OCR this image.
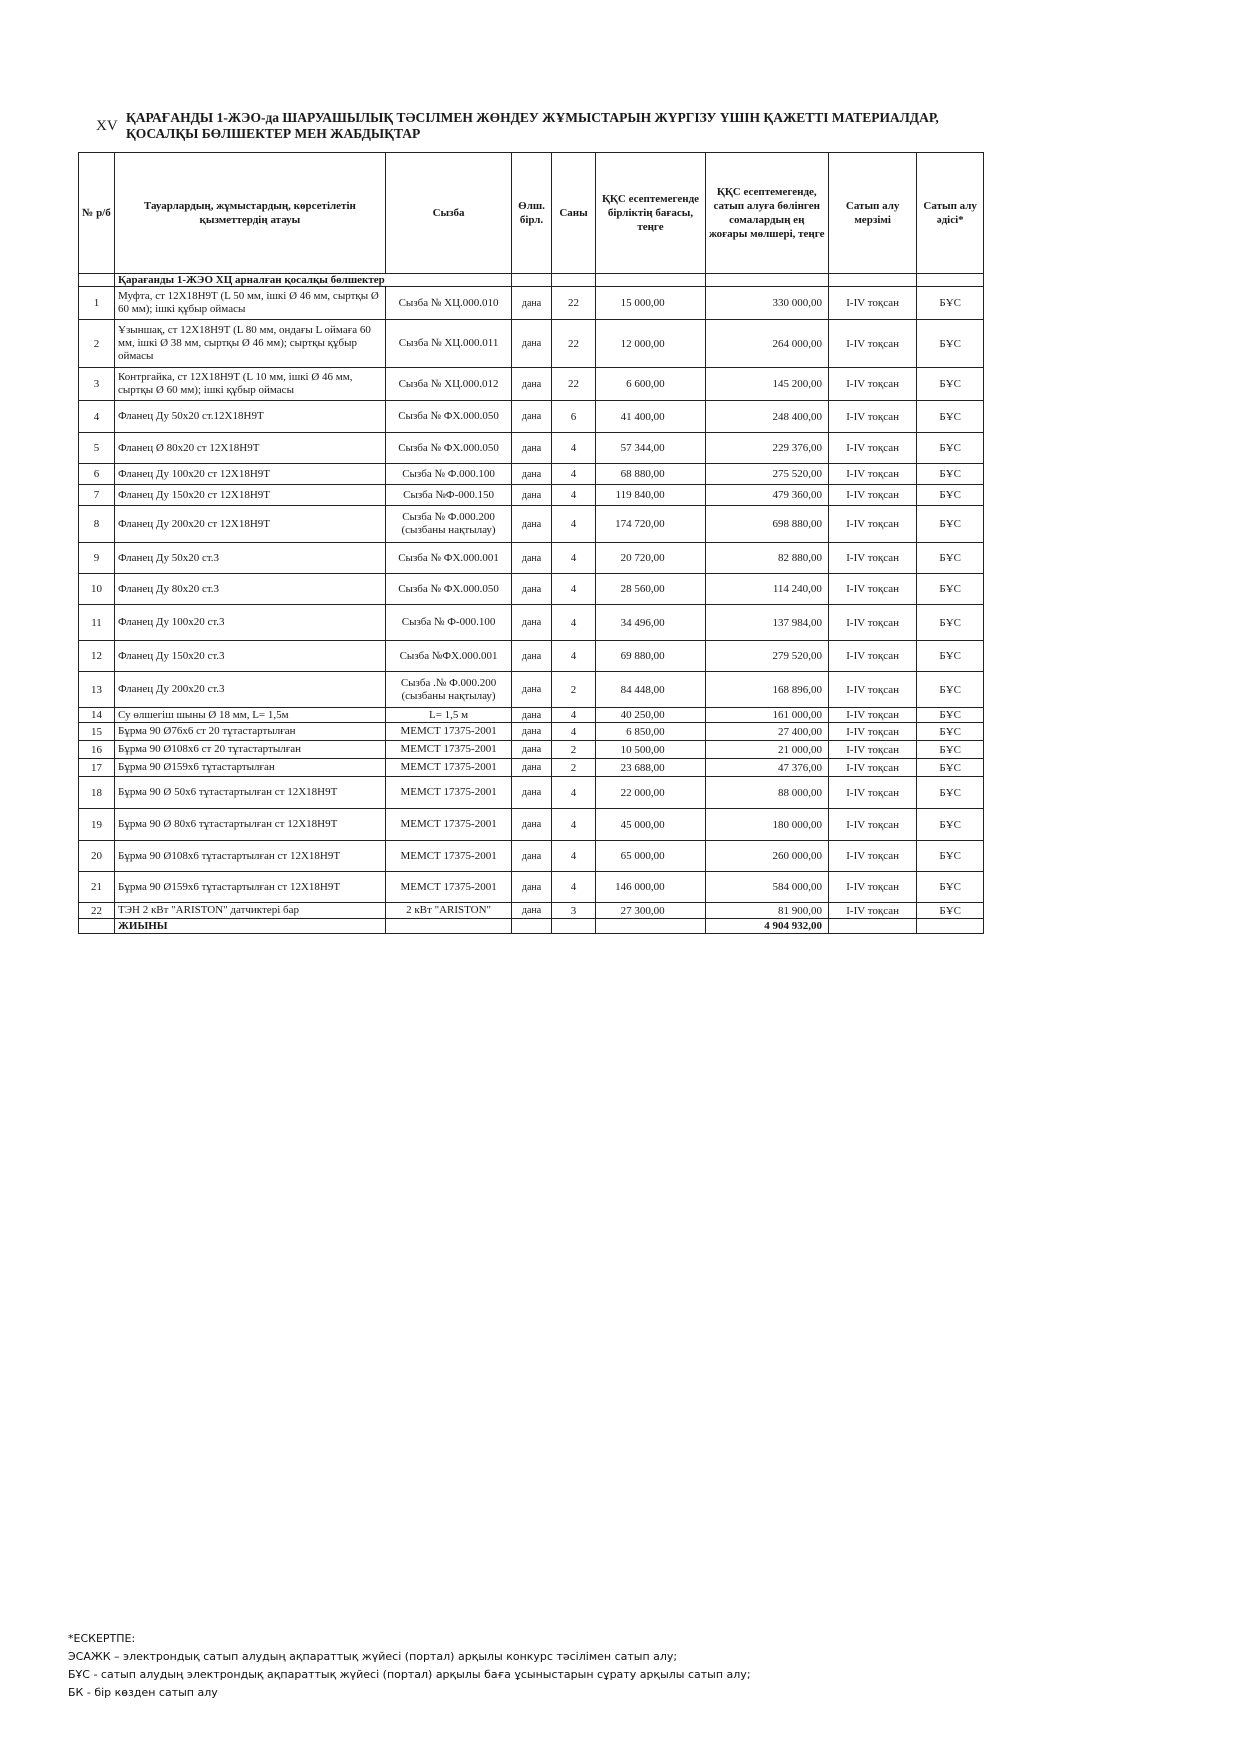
XV
ҚАРАҒАНДЫ 1-ЖЭО-да ШАРУАШЫЛЫҚ ТӘСІЛМЕН ЖӨНДЕУ ЖҰМЫСТАРЫН ЖҮРГІЗУ ҮШІН ҚАЖЕТТІ МАТЕРИАЛДАР, ҚОСАЛҚЫ БӨЛШЕКТЕР МЕН ЖАБДЫҚТАР
№ р/б	Тауарлардың, жұмыстардың, көрсетілетін қызметтердің атауы	Сызба	Өлш. бірл.	Саны	ҚҚС есептемегенде бірліктің бағасы, теңге	ҚҚС есептемегенде, сатып алуға бөлінген сомалардың ең жоғары мөлшері, теңге	Сатып алу мерзімі	Сатып алу әдісі*
	Қарағанды 1-ЖЭО ХЦ арналған қосалқы бөлшектер							
1	Муфта, ст 12Х18Н9Т (L 50 мм, ішкі Ø 46 мм, сыртқы Ø 60 мм); ішкі құбыр оймасы	Сызба № ХЦ.000.010	дана	22	15 000,00	330 000,00	I-IV тоқсан	БҰС
2	Ұзыншақ, ст 12Х18Н9Т (L 80 мм, ондағы L оймаға 60 мм, ішкі Ø 38 мм, сыртқы Ø 46 мм); сыртқы құбыр оймасы	Сызба № ХЦ.000.011	дана	22	12 000,00	264 000,00	I-IV тоқсан	БҰС
3	Контргайка, ст 12Х18Н9Т (L 10 мм, ішкі Ø 46 мм, сыртқы Ø 60 мм); ішкі құбыр оймасы	Сызба № ХЦ.000.012	дана	22	6 600,00	145 200,00	I-IV тоқсан	БҰС
4	Фланец Ду 50х20 ст.12Х18Н9Т	Сызба № ФХ.000.050	дана	6	41 400,00	248 400,00	I-IV тоқсан	БҰС
5	Фланец Ø 80х20 ст 12Х18Н9Т	Сызба № ФХ.000.050	дана	4	57 344,00	229 376,00	I-IV тоқсан	БҰС
6	Фланец Ду 100х20 ст 12Х18Н9Т	Сызба № Ф.000.100	дана	4	68 880,00	275 520,00	I-IV тоқсан	БҰС
7	Фланец Ду 150х20 ст 12Х18Н9Т	Сызба №Ф-000.150	дана	4	119 840,00	479 360,00	I-IV тоқсан	БҰС
8	Фланец Ду 200х20 ст 12Х18Н9Т	Сызба № Ф.000.200 (сызбаны нақтылау)	дана	4	174 720,00	698 880,00	I-IV тоқсан	БҰС
9	Фланец Ду 50х20 ст.3	Сызба № ФХ.000.001	дана	4	20 720,00	82 880,00	I-IV тоқсан	БҰС
10	Фланец Ду 80х20 ст.3	Сызба № ФХ.000.050	дана	4	28 560,00	114 240,00	I-IV тоқсан	БҰС
11	Фланец Ду 100х20 ст.3	Сызба № Ф-000.100	дана	4	34 496,00	137 984,00	I-IV тоқсан	БҰС
12	Фланец Ду 150х20 ст.3	Сызба №ФХ.000.001	дана	4	69 880,00	279 520,00	I-IV тоқсан	БҰС
13	Фланец Ду 200х20 ст.3	Сызба .№ Ф.000.200 (сызбаны нақтылау)	дана	2	84 448,00	168 896,00	I-IV тоқсан	БҰС
14	Су өлшегіш шыны Ø 18 мм, L= 1,5м	L= 1,5 м	дана	4	40 250,00	161 000,00	I-IV тоқсан	БҰС
15	Бұрма 90 Ø76х6 ст 20 тұтастартылған	МЕМСТ 17375-2001	дана	4	6 850,00	27 400,00	I-IV тоқсан	БҰС
16	Бұрма 90 Ø108х6 ст 20 тұтастартылған	МЕМСТ 17375-2001	дана	2	10 500,00	21 000,00	I-IV тоқсан	БҰС
17	Бұрма 90 Ø159х6 тұтастартылған	МЕМСТ 17375-2001	дана	2	23 688,00	47 376,00	I-IV тоқсан	БҰС
18	Бұрма 90 Ø 50х6 тұтастартылған ст 12Х18Н9Т	МЕМСТ 17375-2001	дана	4	22 000,00	88 000,00	I-IV тоқсан	БҰС
19	Бұрма 90 Ø 80х6 тұтастартылған ст 12Х18Н9Т	МЕМСТ 17375-2001	дана	4	45 000,00	180 000,00	I-IV тоқсан	БҰС
20	Бұрма 90 Ø108х6 тұтастартылған ст 12Х18Н9Т	МЕМСТ 17375-2001	дана	4	65 000,00	260 000,00	I-IV тоқсан	БҰС
21	Бұрма 90 Ø159х6 тұтастартылған ст 12Х18Н9Т	МЕМСТ 17375-2001	дана	4	146 000,00	584 000,00	I-IV тоқсан	БҰС
22	ТЭН 2 кВт "ARISTON" датчиктері бар	2 кВт "ARISTON"	дана	3	27 300,00	81 900,00	I-IV тоқсан	БҰС
	ЖИЫНЫ					4 904 932,00		
*ЕСКЕРТПЕ:
ЭСАЖК – электрондық сатып алудың ақпараттық жүйесі (портал) арқылы конкурс тәсілімен сатып алу;
БҰС - сатып алудың электрондық ақпараттық жүйесі (портал) арқылы баға ұсыныстарын сұрату арқылы сатып алу;
БК - бір көзден сатып алу
